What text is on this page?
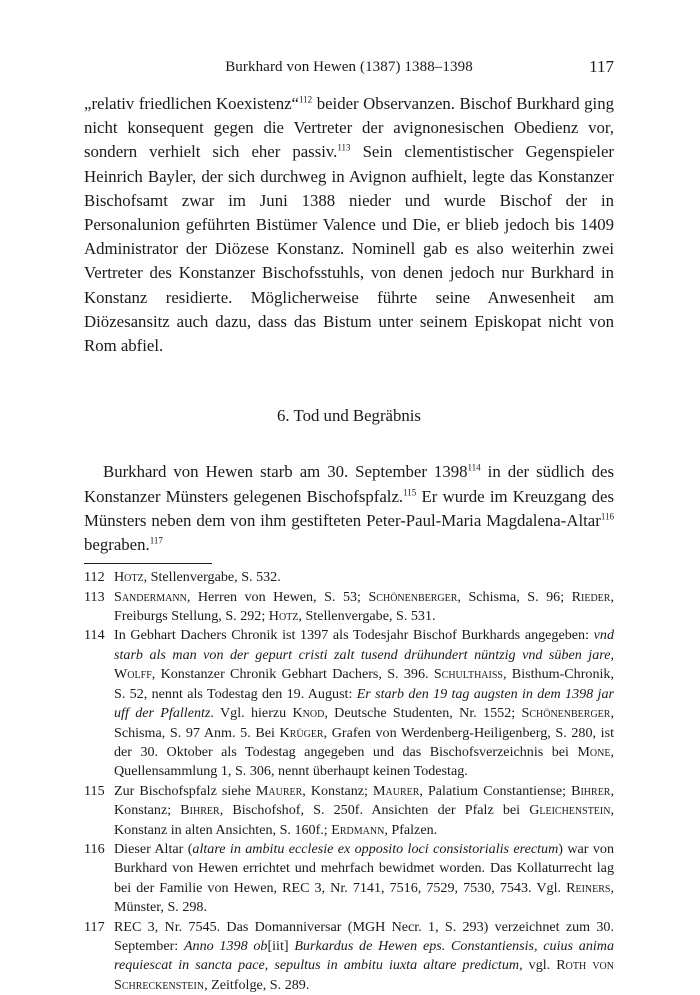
Burkhard von Hewen (1387) 1388–1398	117

„relativ friedlichen Koexistenz“$^{112}$ beider Observanzen. Bischof Burkhard ging nicht konsequent gegen die Vertreter der avignonesischen Obedienz vor, sondern verhielt sich eher passiv.$^{113}$ Sein clementistischer Gegenspieler Heinrich Bayler, der sich durchweg in Avignon aufhielt, legte das Konstanzer Bischofsamt zwar im Juni 1388 nieder und wurde Bischof der in Personalunion geführten Bistümer Valence und Die, er blieb jedoch bis 1409 Administrator der Diözese Konstanz. Nominell gab es also weiterhin zwei Vertreter des Konstanzer Bischofsstuhls, von denen jedoch nur Burkhard in Konstanz residierte. Möglicherweise führte seine Anwesenheit am Diözesansitz auch dazu, dass das Bistum unter seinem Episkopat nicht von Rom abfiel.

6. Tod und Begräbnis

Burkhard von Hewen starb am 30. September 1398$^{114}$ in der südlich des Konstanzer Münsters gelegenen Bischofspfalz.$^{115}$ Er wurde im Kreuzgang des Münsters neben dem von ihm gestifteten Peter-Paul-Maria Magdalena-Altar$^{116}$ begraben.$^{117}$

112 Hotz, Stellenvergabe, S. 532.
113 Sandermann, Herren von Hewen, S. 53; Schönenberger, Schisma, S. 96; Rieder, Freiburgs Stellung, S. 292; Hotz, Stellenvergabe, S. 531.
114 In Gebhart Dachers Chronik ist 1397 als Todesjahr Bischof Burkhards angegeben: vnd starb als man von der gepurt cristi zalt tusend drühundert nüntzig vnd süben jare, Wolff, Konstanzer Chronik Gebhart Dachers, S. 396. Schulthaiss, Bisthum-Chronik, S. 52, nennt als Todestag den 19. August: Er starb den 19 tag augsten in dem 1398 jar uff der Pfallentz. Vgl. hierzu Knod, Deutsche Studenten, Nr. 1552; Schönenberger, Schisma, S. 97 Anm. 5. Bei Krüger, Grafen von Werdenberg-Heiligenberg, S. 280, ist der 30. Oktober als Todestag angegeben und das Bischofsverzeichnis bei Mone, Quellensammlung 1, S. 306, nennt überhaupt keinen Todestag.
115 Zur Bischofspfalz siehe Maurer, Konstanz; Maurer, Palatium Constantiense; Bihrer, Konstanz; Bihrer, Bischofshof, S. 250f. Ansichten der Pfalz bei Gleichenstein, Konstanz in alten Ansichten, S. 160f.; Erdmann, Pfalzen.
116 Dieser Altar (altare in ambitu ecclesie ex opposito loci consistorialis erectum) war von Burkhard von Hewen errichtet und mehrfach bewidmet worden. Das Kollaturrecht lag bei der Familie von Hewen, REC 3, Nr. 7141, 7516, 7529, 7530, 7543. Vgl. Reiners, Münster, S. 298.
117 REC 3, Nr. 7545. Das Domanniversar (MGH Necr. 1, S. 293) verzeichnet zum 30. September: Anno 1398 ob[iit] Burkardus de Hewen eps. Constantiensis, cuius anima requiescat in sancta pace, sepultus in ambitu iuxta altare predictum, vgl. Roth von Schreckenstein, Zeitfolge, S. 289.
